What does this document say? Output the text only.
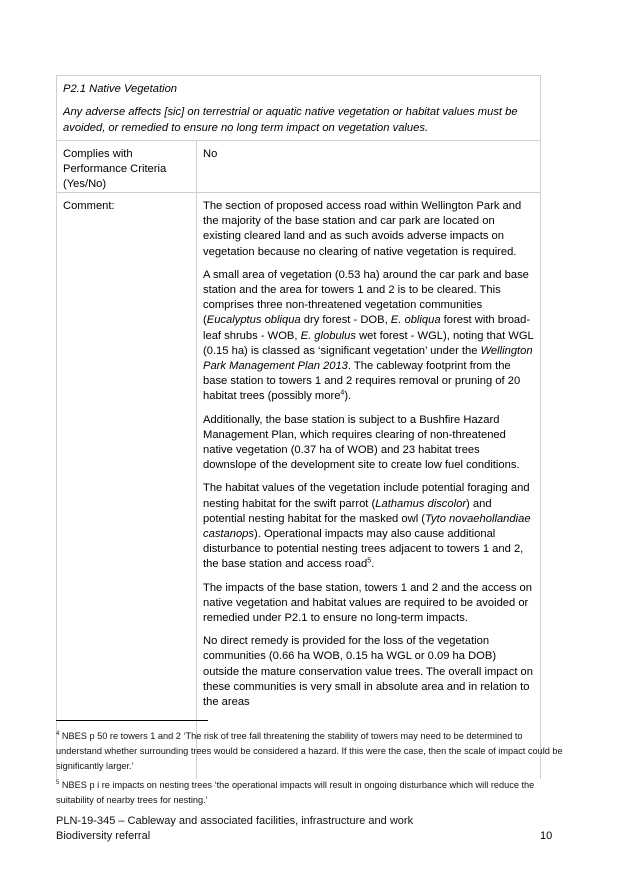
P2.1 Native Vegetation

Any adverse affects [sic] on terrestrial or aquatic native vegetation or habitat values must be avoided, or remedied to ensure no long term impact on vegetation values.

Complies with Performance Criteria (Yes/No)
No
Comment:	The section of proposed access road within Wellington Park and the majority of the base station and car park are located on existing cleared land and as such avoids adverse impacts on vegetation because no clearing of native vegetation is required.

A small area of vegetation (0.53 ha) around the car park and base station and the area for towers 1 and 2 is to be cleared. This comprises three non-threatened vegetation communities (Eucalyptus obliqua dry forest - DOB, E. obliqua forest with broad-leaf shrubs - WOB, E. globulus wet forest - WGL), noting that WGL (0.15 ha) is classed as ‘significant vegetation’ under the Wellington Park Management Plan 2013. The cableway footprint from the base station to towers 1 and 2 requires removal or pruning of 20 habitat trees (possibly more$^4$).

Additionally, the base station is subject to a Bushfire Hazard Management Plan, which requires clearing of non-threatened native vegetation (0.37 ha of WOB) and 23 habitat trees downslope of the development site to create low fuel conditions.

The habitat values of the vegetation include potential foraging and nesting habitat for the swift parrot (Lathamus discolor) and potential nesting habitat for the masked owl (Tyto novaehollandiae castanops). Operational impacts may also cause additional disturbance to potential nesting trees adjacent to towers 1 and 2, the base station and access road$^5$.

The impacts of the base station, towers 1 and 2 and the access on native vegetation and habitat values are required to be avoided or remedied under P2.1 to ensure no long-term impacts.

No direct remedy is provided for the loss of the vegetation communities (0.66 ha WOB, 0.15 ha WGL or 0.09 ha DOB) outside the mature conservation value trees. The overall impact on these communities is very small in absolute area and in relation to the areas

$^4$ NBES p 50 re towers 1 and 2 ‘The risk of tree fall threatening the stability of towers may need to be determined to understand whether surrounding trees would be considered a hazard. If this were the case, then the scale of impact could be significantly larger.’
$^5$ NBES p i re impacts on nesting trees ‘the operational impacts will result in ongoing disturbance which will reduce the suitability of nearby trees for nesting.’
PLN-19-345 – Cableway and associated facilities, infrastructure and work
Biodiversity referral	10
